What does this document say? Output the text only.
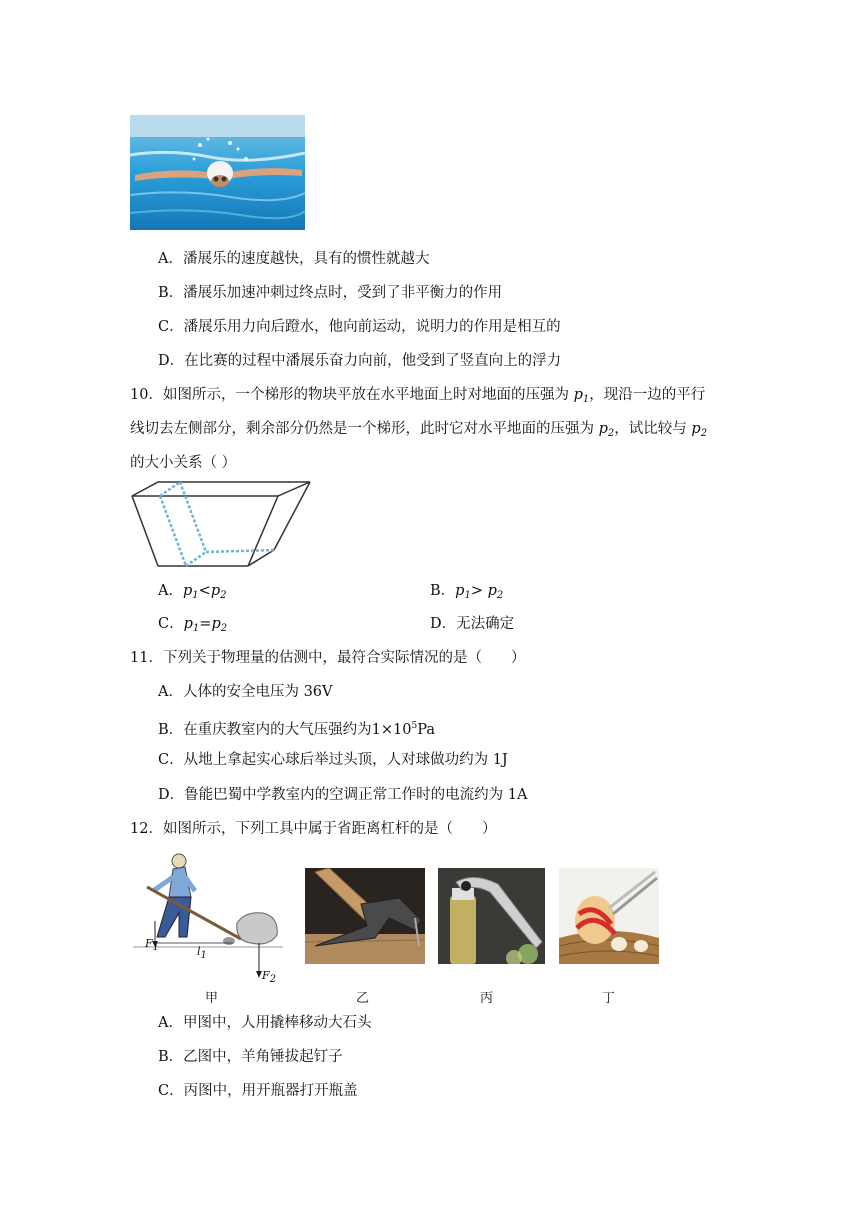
A．潘展乐的速度越快，具有的惯性就越大
B．潘展乐加速冲刺过终点时，受到了非平衡力的作用
C．潘展乐用力向后蹬水，他向前运动，说明力的作用是相互的
D．在比赛的过程中潘展乐奋力向前，他受到了竖直向上的浮力
10．如图所示，一个梯形的物块平放在水平地面上时对地面的压强为 $p_1$，现沿一边的平行
线切去左侧部分，剩余部分仍然是一个梯形，此时它对水平地面的压强为 $p_2$，试比较与 $p_2$
的大小关系（ ）
A．$p_1<p_2$	B．$p_1> p_2$
C．$p_1=p_2$	D．无法确定
11．下列关于物理量的估测中，最符合实际情况的是（　　）
A．人体的安全电压为 36V
B．在重庆教室内的大气压强约为$1\times 10^5Pa$
C．从地上拿起实心球后举过头顶，人对球做功约为 1J
D．鲁能巴蜀中学教室内的空调正常工作时的电流约为 1A
12．如图所示，下列工具中属于省距离杠杆的是（　　）
F1	l1
F2
甲	乙	丙	丁
A．甲图中，人用撬棒移动大石头
B．乙图中，羊角锤拔起钉子
C．丙图中，用开瓶器打开瓶盖
